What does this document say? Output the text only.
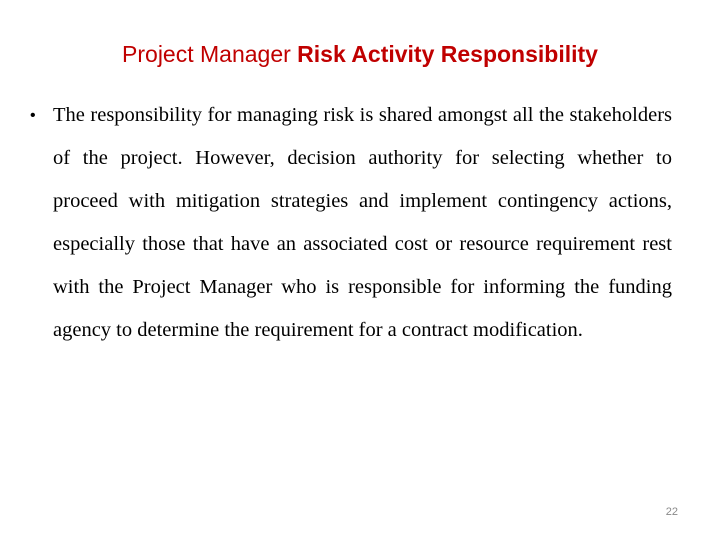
Project Manager Risk Activity Responsibility
• The responsibility for managing risk is shared amongst all the stakeholders of the project. However, decision authority for selecting whether to proceed with mitigation strategies and implement contingency actions, especially those that have an associated cost or resource requirement rest with the Project Manager who is responsible for informing the funding agency to determine the requirement for a contract modification.
22
